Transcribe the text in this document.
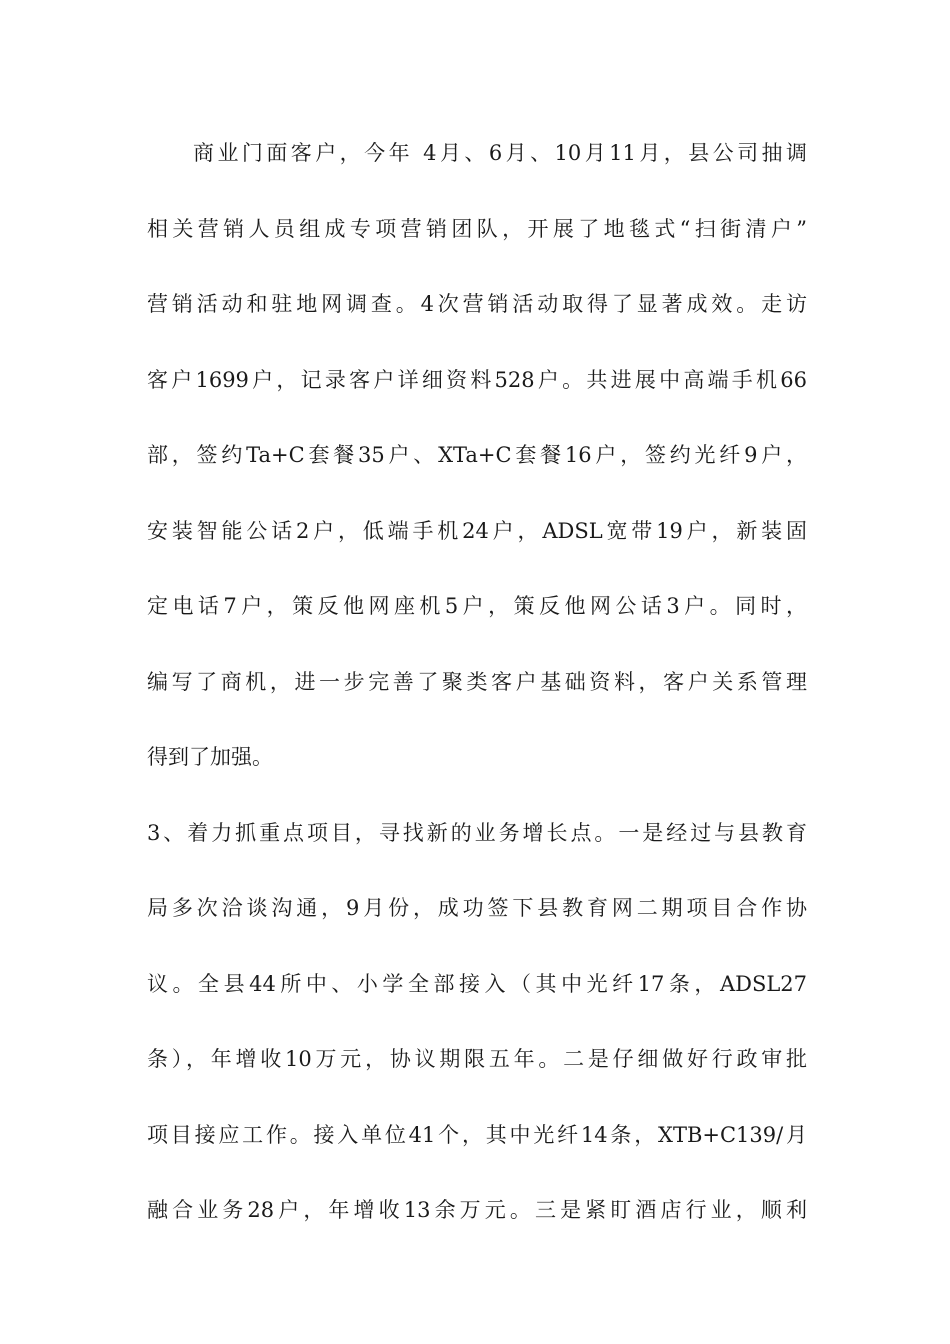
商业门面客户，今年 4月、6月、10月11月，县公司抽调
相关营销人员组成专项营销团队，开展了地毯式“扫街清户”
营销活动和驻地网调查。4次营销活动取得了显著成效。走访
客户1699户，记录客户详细资料528户。共进展中高端手机66
部，签约Ta+C套餐35户、XTa+C套餐16户，签约光纤9户，
安装智能公话2户，低端手机24户，ADSL宽带19户，新装固
定电话7户，策反他网座机5户，策反他网公话3户。同时，
编写了商机，进一步完善了聚类客户基础资料，客户关系管理
得到了加强。
3、着力抓重点项目，寻找新的业务增长点。一是经过与县教育
局多次洽谈沟通，9月份，成功签下县教育网二期项目合作协
议。全县44所中、小学全部接入（其中光纤17条，ADSL27
条），年增收10万元，协议期限五年。二是仔细做好行政审批
项目接应工作。接入单位41个，其中光纤14条，XTB+C139/月
融合业务28户，年增收13余万元。三是紧盯酒店行业，顺利
